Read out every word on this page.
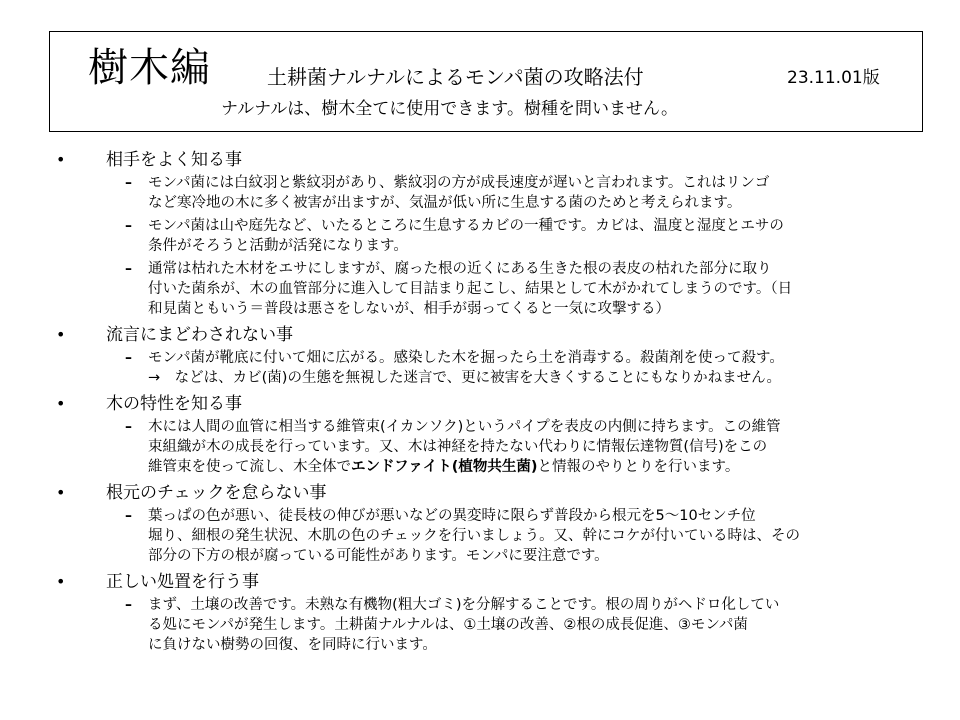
樹木編	土耕菌ナルナルによるモンパ菌の攻略法付	23.11.01版
ナルナルは、樹木全てに使用できます。樹種を問いません。
• 相手をよく知る事
– モンパ菌には白紋羽と紫紋羽があり、紫紋羽の方が成長速度が遅いと言われます。これはリンゴ
など寒冷地の木に多く被害が出ますが、気温が低い所に生息する菌のためと考えられます。
– モンパ菌は山や庭先など、いたるところに生息するカビの一種です。カビは、温度と湿度とエサの
条件がそろうと活動が活発になります。
– 通常は枯れた木材をエサにしますが、腐った根の近くにある生きた根の表皮の枯れた部分に取り
付いた菌糸が、木の血管部分に進入して目詰まり起こし、結果として木がかれてしまうのです。（日
和見菌ともいう＝普段は悪さをしないが、相手が弱ってくると一気に攻撃する）
• 流言にまどわされない事
– モンパ菌が靴底に付いて畑に広がる。感染した木を掘ったら土を消毒する。殺菌剤を使って殺す。
→　などは、カビ(菌)の生態を無視した迷言で、更に被害を大きくすることにもなりかねません。
• 木の特性を知る事
– 木には人間の血管に相当する維管束(イカンソク)というパイプを表皮の内側に持ちます。この維管
束組織が木の成長を行っています。又、木は神経を持たない代わりに情報伝達物質(信号)をこの
維管束を使って流し、木全体でエンドファイト(植物共生菌)と情報のやりとりを行います。
• 根元のチェックを怠らない事
– 葉っぱの色が悪い、徒長枝の伸びが悪いなどの異変時に限らず普段から根元を5～10センチ位
堀り、細根の発生状況、木肌の色のチェックを行いましょう。又、幹にコケが付いている時は、その
部分の下方の根が腐っている可能性があります。モンパに要注意です。
• 正しい処置を行う事
– まず、土壌の改善です。未熟な有機物(粗大ゴミ)を分解することです。根の周りがヘドロ化してい
る処にモンパが発生します。土耕菌ナルナルは、①土壌の改善、②根の成長促進、③モンパ菌
に負けない樹勢の回復、を同時に行います。
